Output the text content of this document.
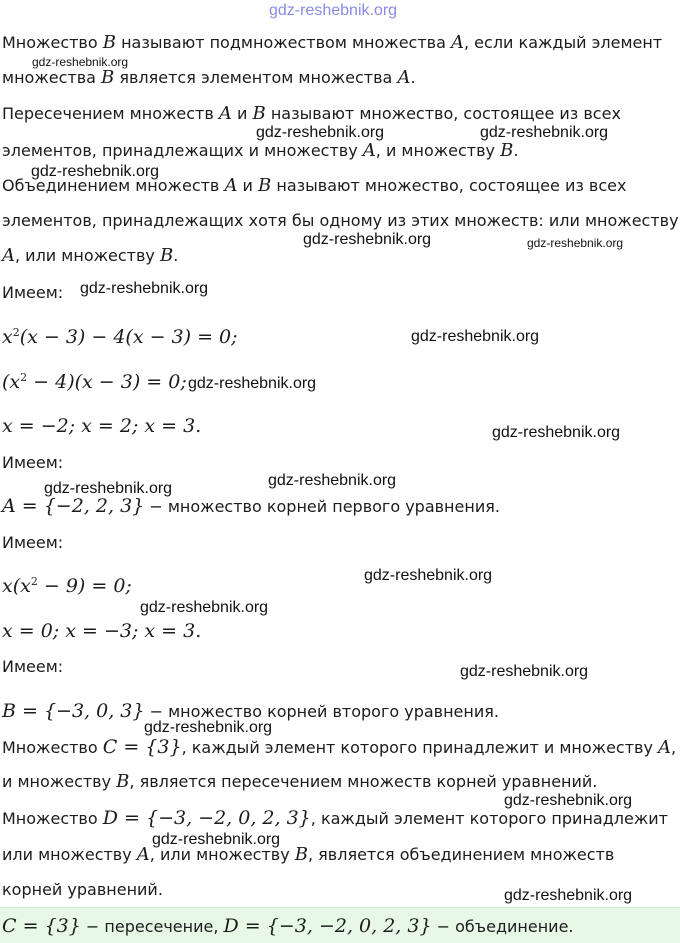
gdz-reshebnik.org
gdz-reshebnik.org
gdz-reshebnik.org	gdz-reshebnik.org
gdz-reshebnik.org
gdz-reshebnik.org	gdz-reshebnik.org
gdz-reshebnik.org
gdz-reshebnik.org
gdz-reshebnik.org
gdz-reshebnik.org
gdz-reshebnik.org
gdz-reshebnik.org
gdz-reshebnik.org
gdz-reshebnik.org
gdz-reshebnik.org
gdz-reshebnik.org
gdz-reshebnik.org
gdz-reshebnik.org
gdz-reshebnik.org
Множество B называют подмножеством множества A, если каждый элемент
множества B является элементом множества A.
Пересечением множеств A и B называют множество, состоящее из всех
элементов, принадлежащих и множеству A, и множеству B.
Объединением множеств A и B называют множество, состоящее из всех
элементов, принадлежащих хотя бы одному из этих множеств: или множеству
A, или множеству B.
Имеем:
$x^2(x - 3) - 4(x - 3) = 0$;
$(x^2 - 4)(x - 3) = 0$;
x = −2; x = 2; x = 3.
Имеем:
A = {−2, 2, 3} − множество корней первого уравнения.
Имеем:
$x(x^2 - 9) = 0$;
x = 0; x = −3; x = 3.
Имеем:
B = {−3, 0, 3} − множество корней второго уравнения.
Множество C = {3}, каждый элемент которого принадлежит и множеству A,
и множеству B, является пересечением множеств корней уравнений.
Множество D = {−3, −2, 0, 2, 3}, каждый элемент которого принадлежит
или множеству A, или множеству B, является объединением множеств
корней уравнений.
C = {3} − пересечение, D = {−3, −2, 0, 2, 3} − объединение.
